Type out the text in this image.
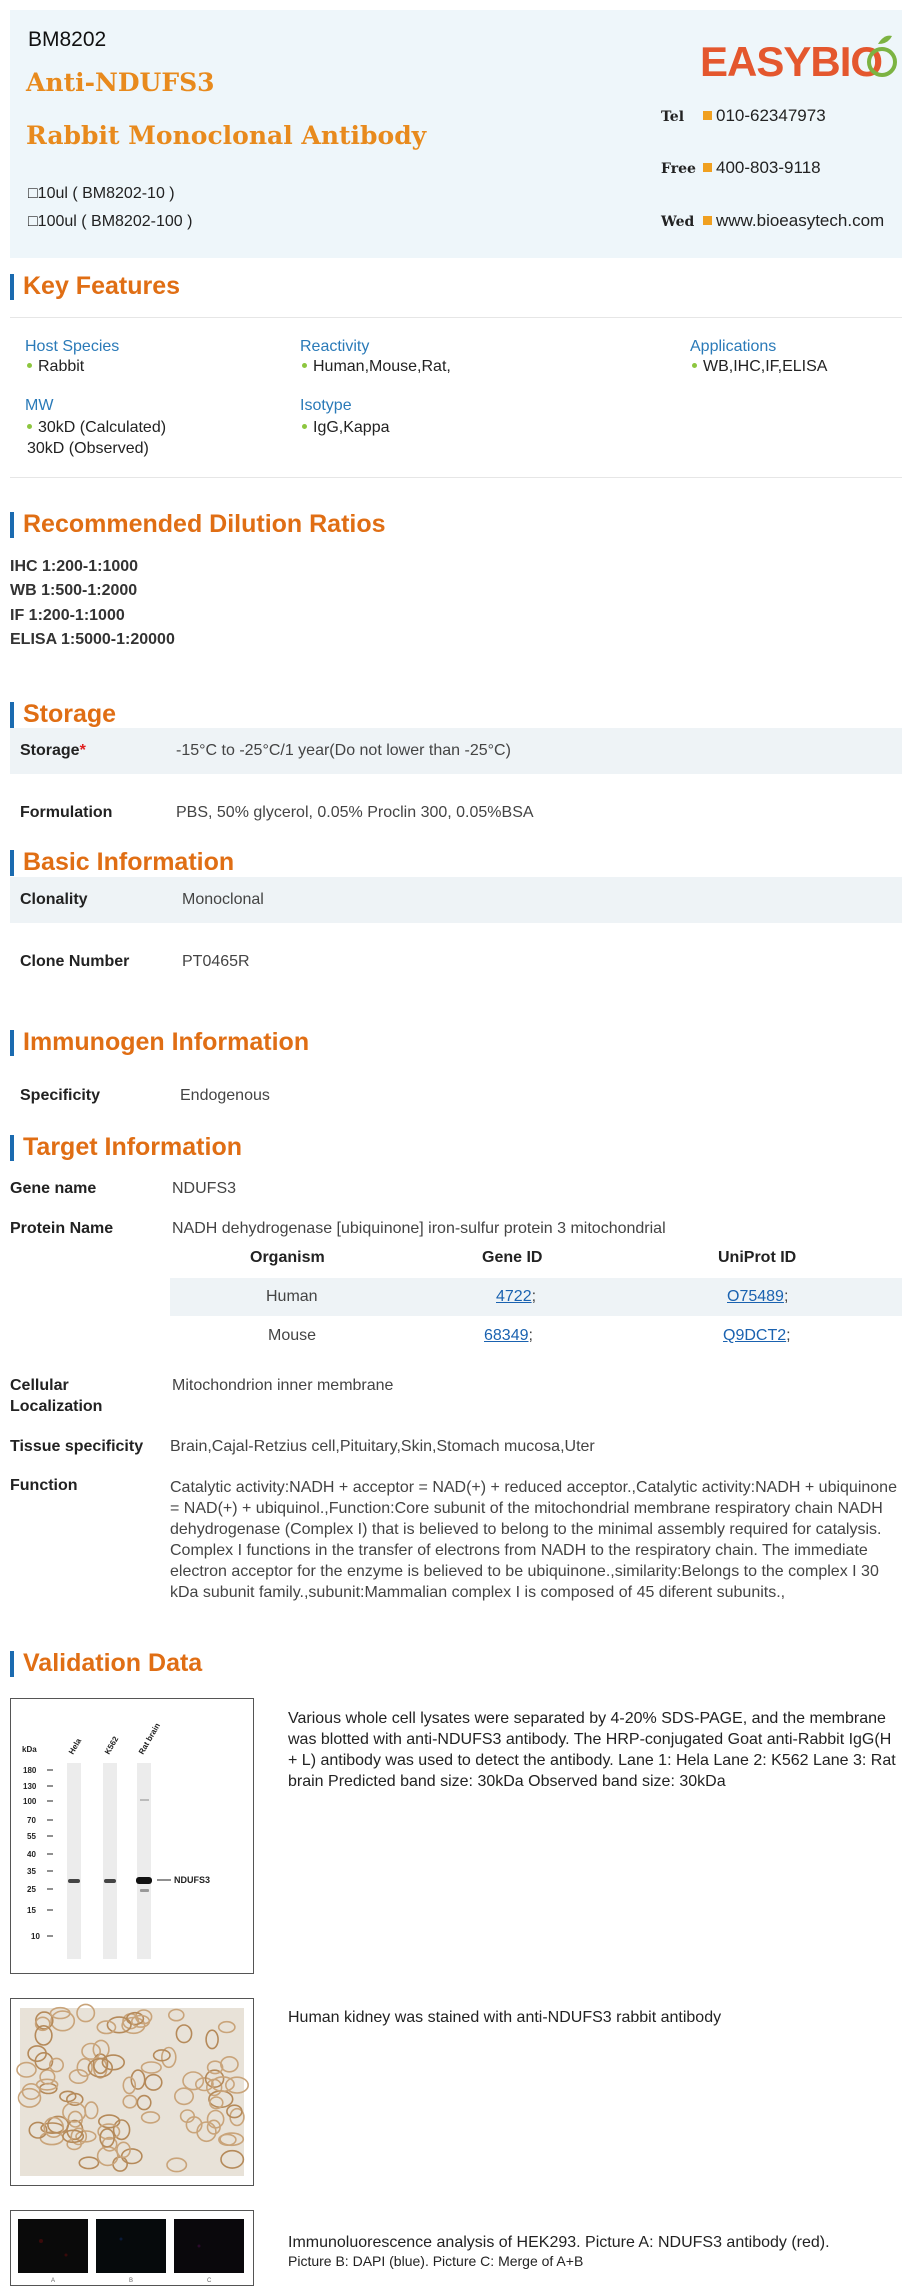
BM8202
Anti-NDUFS3
Rabbit Monoclonal Antibody
□10ul ( BM8202-10 )
□100ul ( BM8202-100 )
EASYBIO
Tel 010-62347973
Free 400-803-9118
Wed www.bioeasytech.com
Key Features
Host Species
Rabbit
Reactivity
Human,Mouse,Rat,
Applications
WB,IHC,IF,ELISA
MW
30kD (Calculated)
30kD (Observed)
Isotype
IgG,Kappa
Recommended Dilution Ratios
IHC 1:200-1:1000
WB 1:500-1:2000
IF 1:200-1:1000
ELISA 1:5000-1:20000
Storage
Storage*	-15°C to -25°C/1 year(Do not lower than -25°C)
Formulation	PBS, 50% glycerol, 0.05% Proclin 300, 0.05%BSA
Basic Information
Clonality	Monoclonal
Clone Number	PT0465R
Immunogen Information
Specificity	Endogenous
Target Information
Gene name	NDUFS3
Protein Name	NADH dehydrogenase [ubiquinone] iron-sulfur protein 3 mitochondrial
Organism	Gene ID	UniProt ID
Human	4722;	O75489;
Mouse	68349;	Q9DCT2;
Cellular
Localization
Mitochondrion inner membrane
Tissue specificity Brain,Cajal-Retzius cell,Pituitary,Skin,Stomach mucosa,Uter
Function	Catalytic activity:NADH + acceptor = NAD(+) + reduced acceptor.,Catalytic activity:NADH + ubiquinone = NAD(+) + ubiquinol.,Function:Core subunit of the mitochondrial membrane respiratory chain NADH dehydrogenase (Complex I) that is believed to belong to the minimal assembly required for catalysis. Complex I functions in the transfer of electrons from NADH to the respiratory chain. The immediate electron acceptor for the enzyme is believed to be ubiquinone.,similarity:Belongs to the complex I 30 kDa subunit family.,subunit:Mammalian complex I is composed of 45 diferent subunits.,
Validation Data
kDa
180
130
100
70
55
40
35
25
15
10
Hela K562 Rat brain
NDUFS3
Various whole cell lysates were separated by 4-20% SDS-PAGE, and the membrane was blotted with anti-NDUFS3 antibody. The HRP-conjugated Goat anti-Rabbit IgG(H + L) antibody was used to detect the antibody. Lane 1: Hela Lane 2: K562 Lane 3: Rat brain Predicted band size: 30kDa Observed band size: 30kDa
Human kidney was stained with anti-NDUFS3 rabbit antibody
A	B	C
Immunoluorescence analysis of HEK293. Picture A: NDUFS3 antibody (red).
Picture B: DAPI (blue). Picture C: Merge of A+B
